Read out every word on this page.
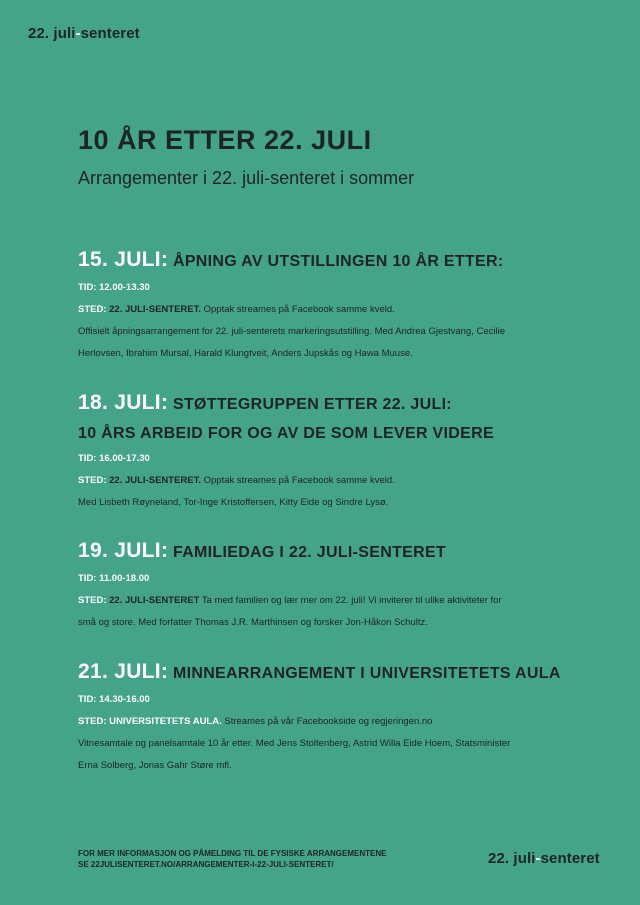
22. juli-senteret
10 ÅR ETTER 22. JULI
Arrangementer i 22. juli-senteret i sommer
15. JULI: ÅPNING AV UTSTILLINGEN 10 ÅR ETTER:
TID: 12.00-13.30
STED: 22. JULI-SENTERET. Opptak streames på Facebook samme kveld.
Offisielt åpningsarrangement for 22. juli-senterets markeringsutstilling. Med Andrea Gjestvang, Cecilie
Herlovsen, Ibrahim Mursal, Harald Klungtveit, Anders Jupskås og Hawa Muuse.
18. JULI: STØTTEGRUPPEN ETTER 22. JULI:
10 ÅRS ARBEID FOR OG AV DE SOM LEVER VIDERE
TID: 16.00-17.30
STED: 22. JULI-SENTERET. Opptak streames på Facebook samme kveld.
Med Lisbeth Røyneland, Tor-Inge Kristoffersen, Kitty Eide og Sindre Lysø.
19. JULI: FAMILIEDAG I 22. JULI-SENTERET
TID: 11.00-18.00
STED: 22. JULI-SENTERET Ta med familien og lær mer om 22. juli! Vi inviterer til ulike aktiviteter for
små og store. Med forfatter Thomas J.R. Marthinsen og forsker Jon-Håkon Schultz.
21. JULI: MINNEARRANGEMENT I UNIVERSITETETS AULA
TID: 14.30-16.00
STED: UNIVERSITETETS AULA. Streames på vår Facebookside og regjeringen.no
Vitnesamtale og panelsamtale 10 år etter. Med Jens Stoltenberg, Astrid Willa Eide Hoem, Statsminister
Erna Solberg, Jonas Gahr Støre mfl.
FOR MER INFORMASJON OG PÅMELDING TIL DE FYSISKE ARRANGEMENTENE
SE 22JULISENTERET.NO/ARRANGEMENTER-I-22-JULI-SENTERET/	22. juli-senteret
